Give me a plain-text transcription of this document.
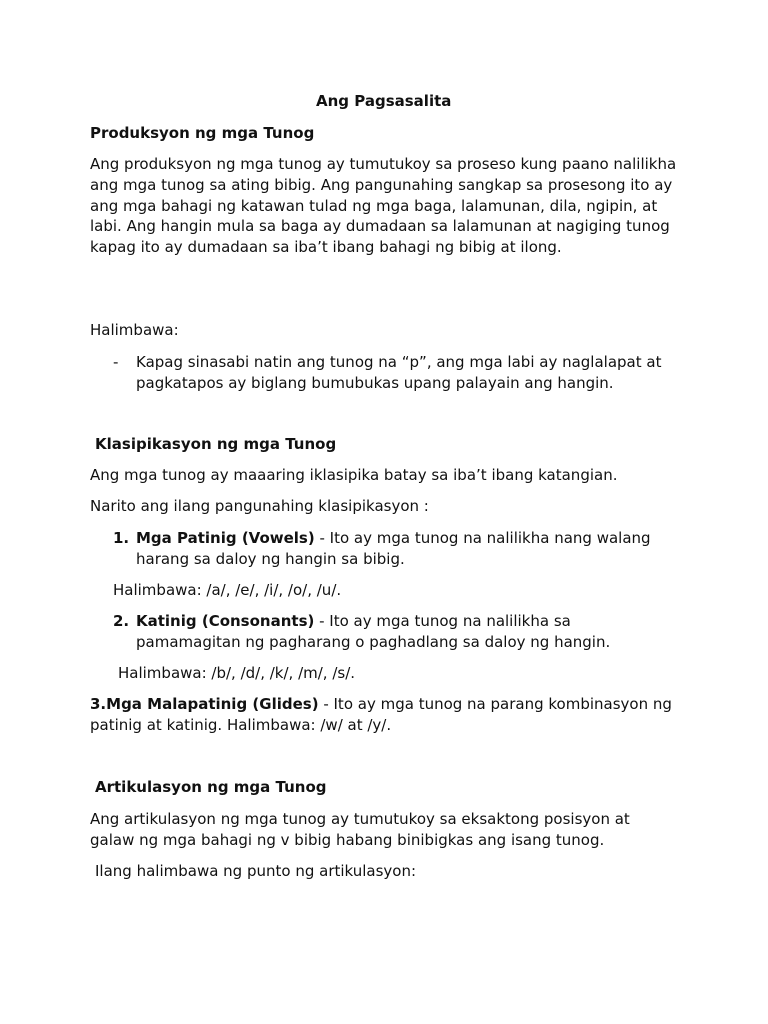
Ang Pagsasalita
Produksyon ng mga Tunog
Ang produksyon ng mga tunog ay tumutukoy sa proseso kung paano nalilikha ang mga tunog sa ating bibig. Ang pangunahing sangkap sa prosesong ito ay ang mga bahagi ng katawan tulad ng mga baga, lalamunan, dila, ngipin, at labi. Ang hangin mula sa baga ay dumadaan sa lalamunan at nagiging tunog kapag ito ay dumadaan sa iba’t ibang bahagi ng bibig at ilong.
Halimbawa:
- Kapag sinasabi natin ang tunog na “p”, ang mga labi ay naglalapat at pagkatapos ay biglang bumubukas upang palayain ang hangin.
Klasipikasyon ng mga Tunog
Ang mga tunog ay maaaring iklasipika batay sa iba’t ibang katangian.
Narito ang ilang pangunahing klasipikasyon :
1. Mga Patinig (Vowels) - Ito ay mga tunog na nalilikha nang walang harang sa daloy ng hangin sa bibig.
Halimbawa: /a/, /e/, /i/, /o/, /u/.
2. Katinig (Consonants) - Ito ay mga tunog na nalilikha sa pamamagitan ng pagharang o paghadlang sa daloy ng hangin.
Halimbawa: /b/, /d/, /k/, /m/, /s/.
3.Mga Malapatinig (Glides) - Ito ay mga tunog na parang kombinasyon ng patinig at katinig. Halimbawa: /w/ at /y/.
Artikulasyon ng mga Tunog
Ang artikulasyon ng mga tunog ay tumutukoy sa eksaktong posisyon at galaw ng mga bahagi ng v bibig habang binibigkas ang isang tunog.
Ilang halimbawa ng punto ng artikulasyon:
